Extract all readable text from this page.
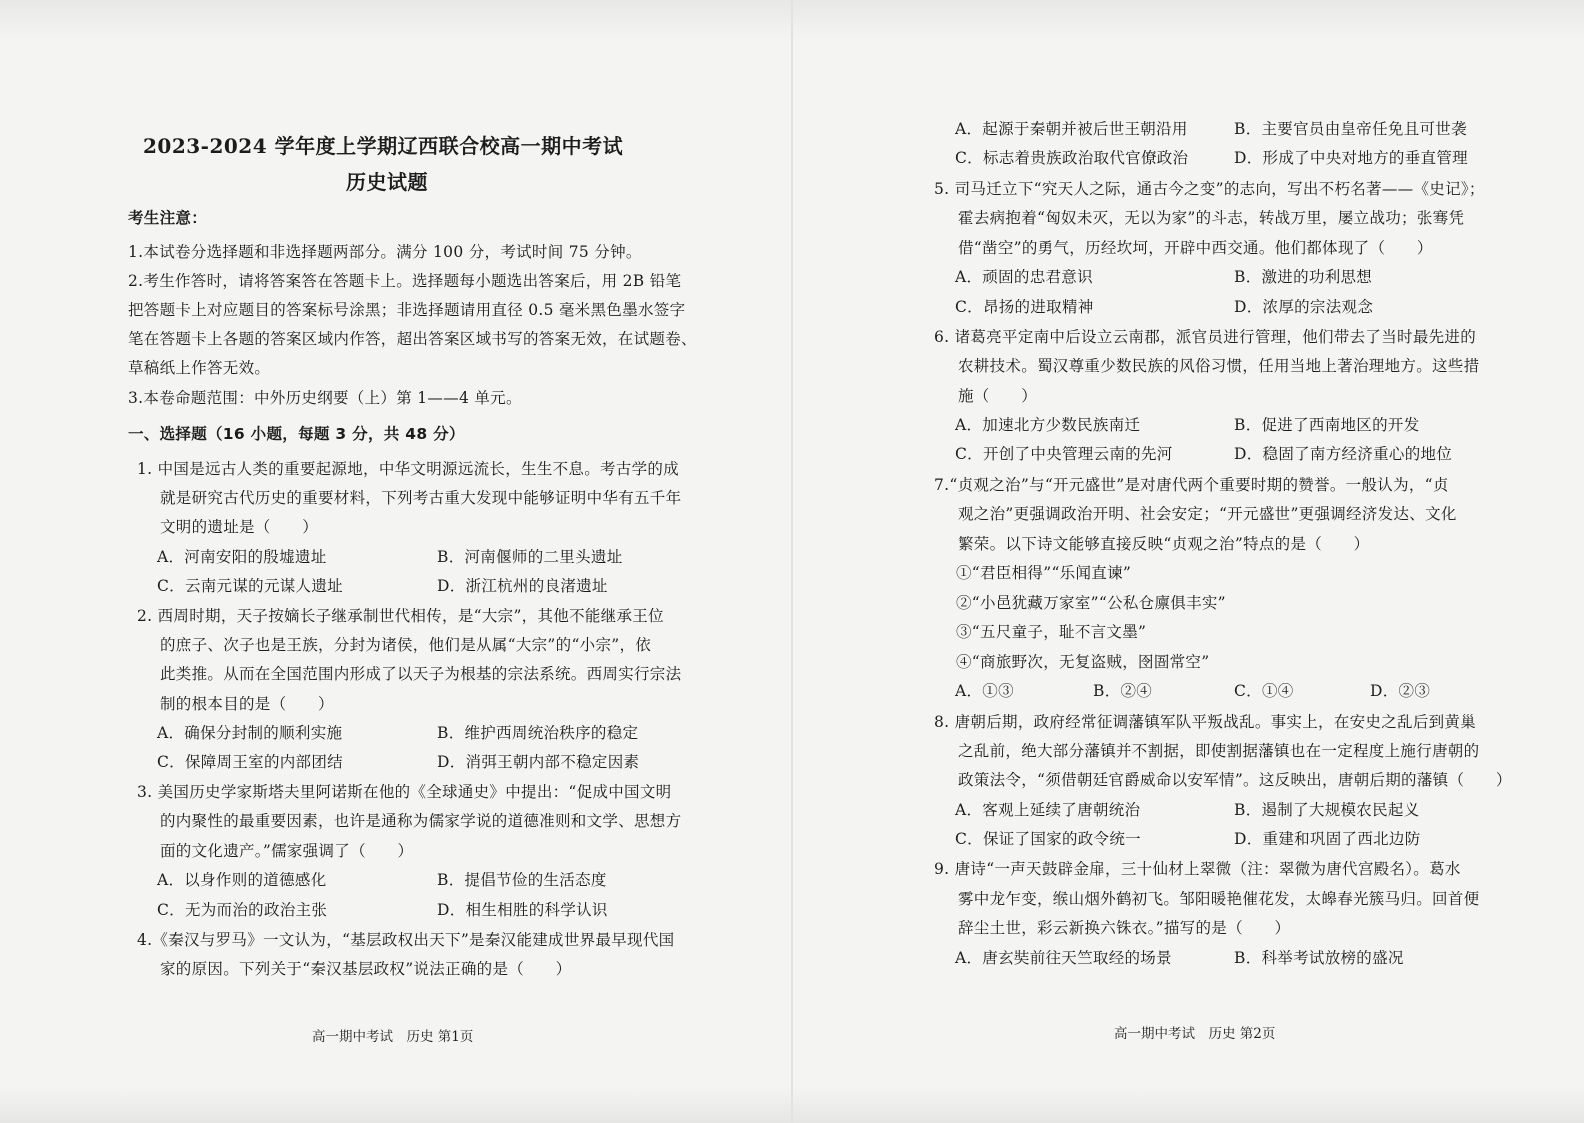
2023-2024 学年度上学期辽西联合校高一期中考试
历史试题
考生注意：
1.本试卷分选择题和非选择题两部分。满分 100 分，考试时间 75 分钟。
2.考生作答时，请将答案答在答题卡上。选择题每小题选出答案后，用 2B 铅笔
把答题卡上对应题目的答案标号涂黑；非选择题请用直径 0.5 毫米黑色墨水签字
笔在答题卡上各题的答案区域内作答，超出答案区域书写的答案无效，在试题卷、
草稿纸上作答无效。
3.本卷命题范围：中外历史纲要（上）第 1——4 单元。
一、选择题（16 小题，每题 3 分，共 48 分）
1. 中国是远古人类的重要起源地，中华文明源远流长，生生不息。考古学的成
就是研究古代历史的重要材料，下列考古重大发现中能够证明中华有五千年
文明的遗址是（　　）
A．河南安阳的殷墟遗址	B．河南偃师的二里头遗址
C．云南元谋的元谋人遗址	D．浙江杭州的良渚遗址
2. 西周时期，天子按嫡长子继承制世代相传，是“大宗”，其他不能继承王位
的庶子、次子也是王族，分封为诸侯，他们是从属“大宗”的“小宗”，依
此类推。从而在全国范围内形成了以天子为根基的宗法系统。西周实行宗法
制的根本目的是（　　）
A．确保分封制的顺利实施	B．维护西周统治秩序的稳定
C．保障周王室的内部团结	D．消弭王朝内部不稳定因素
3. 美国历史学家斯塔夫里阿诺斯在他的《全球通史》中提出：“促成中国文明
的内聚性的最重要因素，也许是通称为儒家学说的道德准则和文学、思想方
面的文化遗产。”儒家强调了（　　）
A．以身作则的道德感化	B．提倡节俭的生活态度
C．无为而治的政治主张	D．相生相胜的科学认识
4.《秦汉与罗马》一文认为，“基层政权出天下”是秦汉能建成世界最早现代国
家的原因。下列关于“秦汉基层政权”说法正确的是（　　）
高一期中考试　历史 第1页
A．起源于秦朝并被后世王朝沿用	B．主要官员由皇帝任免且可世袭
C．标志着贵族政治取代官僚政治	D．形成了中央对地方的垂直管理
5. 司马迁立下“究天人之际，通古今之变”的志向，写出不朽名著——《史记》；
霍去病抱着“匈奴未灭，无以为家”的斗志，转战万里，屡立战功；张骞凭
借“凿空”的勇气，历经坎坷，开辟中西交通。他们都体现了（　　）
A．顽固的忠君意识	B．激进的功利思想
C．昂扬的进取精神	D．浓厚的宗法观念
6. 诸葛亮平定南中后设立云南郡，派官员进行管理，他们带去了当时最先进的
农耕技术。蜀汉尊重少数民族的风俗习惯，任用当地上著治理地方。这些措
施（　　）
A．加速北方少数民族南迁	B．促进了西南地区的开发
C．开创了中央管理云南的先河	D．稳固了南方经济重心的地位
7.“贞观之治”与“开元盛世”是对唐代两个重要时期的赞誉。一般认为，“贞
观之治”更强调政治开明、社会安定；“开元盛世”更强调经济发达、文化
繁荣。以下诗文能够直接反映“贞观之治”特点的是（　　）
①“君臣相得”“乐闻直谏”
②“小邑犹藏万家室”“公私仓廪俱丰实”
③“五尺童子，耻不言文墨”
④“商旅野次，无复盗贼，囹圄常空”
A．①③	B．②④	C．①④	D．②③
8. 唐朝后期，政府经常征调藩镇军队平叛战乱。事实上，在安史之乱后到黄巢
之乱前，绝大部分藩镇并不割据，即使割据藩镇也在一定程度上施行唐朝的
政策法令，“须借朝廷官爵威命以安军情”。这反映出，唐朝后期的藩镇（　　）
A．客观上延续了唐朝统治	B．遏制了大规模农民起义
C．保证了国家的政令统一	D．重建和巩固了西北边防
9. 唐诗“一声天鼓辟金扉，三十仙材上翠微（注：翠微为唐代宫殿名）。葛水
雾中龙乍变，缑山烟外鹤初飞。邹阳暖艳催花发，太皞春光簇马归。回首便
辞尘土世，彩云新换六铢衣。”描写的是（　　）
A．唐玄奘前往天竺取经的场景	B．科举考试放榜的盛况
高一期中考试　历史 第2页
